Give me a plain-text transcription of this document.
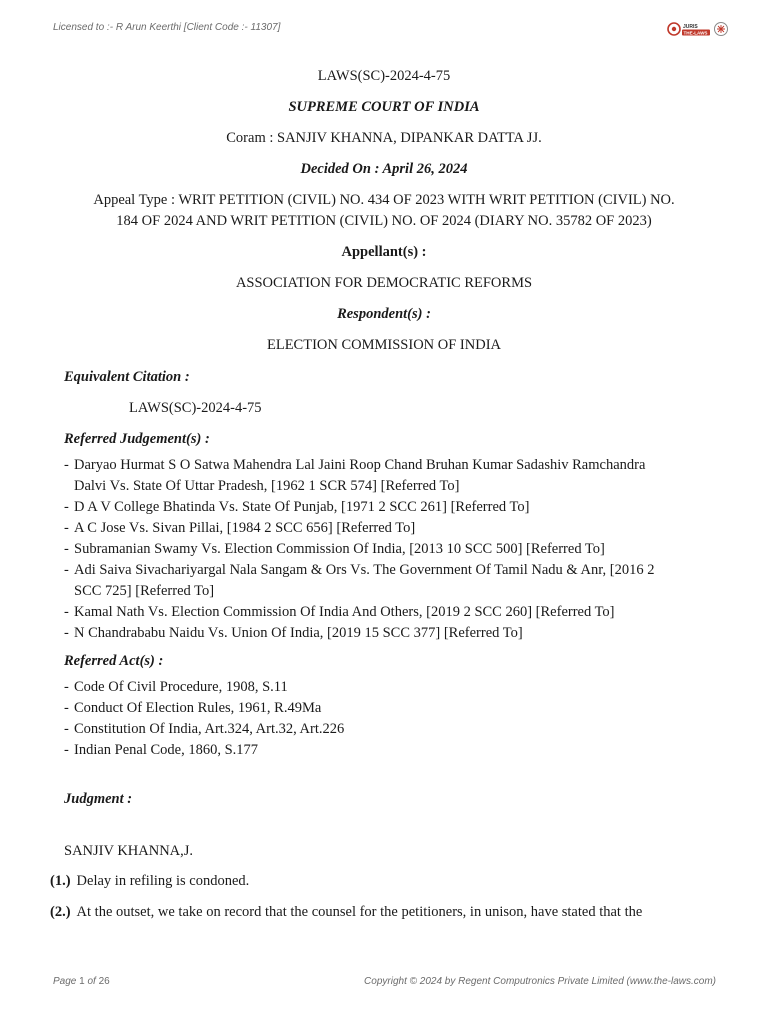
Licensed to :- R Arun Keerthi [Client Code :- 11307]	JURIS
THE-LAWS
LAWS(SC)-2024-4-75
SUPREME COURT OF INDIA
Coram : SANJIV KHANNA, DIPANKAR DATTA JJ.
Decided On : April 26, 2024
Appeal Type : WRIT PETITION (CIVIL) NO. 434 OF 2023 WITH WRIT PETITION (CIVIL) NO.
184 OF 2024 AND WRIT PETITION (CIVIL) NO. OF 2024 (DIARY NO. 35782 OF 2023)
Appellant(s) :
ASSOCIATION FOR DEMOCRATIC REFORMS
Respondent(s) :
ELECTION COMMISSION OF INDIA
Equivalent Citation :
LAWS(SC)-2024-4-75
Referred Judgement(s) :
- Daryao Hurmat S O Satwa Mahendra Lal Jaini Roop Chand Bruhan Kumar Sadashiv Ramchandra
Dalvi Vs. State Of Uttar Pradesh, [1962 1 SCR 574] [Referred To]
- D A V College Bhatinda Vs. State Of Punjab, [1971 2 SCC 261] [Referred To]
- A C Jose Vs. Sivan Pillai, [1984 2 SCC 656] [Referred To]
- Subramanian Swamy Vs. Election Commission Of India, [2013 10 SCC 500] [Referred To]
- Adi Saiva Sivachariyargal Nala Sangam & Ors Vs. The Government Of Tamil Nadu & Anr, [2016 2
SCC 725] [Referred To]
- Kamal Nath Vs. Election Commission Of India And Others, [2019 2 SCC 260] [Referred To]
- N Chandrababu Naidu Vs. Union Of India, [2019 15 SCC 377] [Referred To]
Referred Act(s) :
- Code Of Civil Procedure, 1908, S.11
- Conduct Of Election Rules, 1961, R.49Ma
- Constitution Of India, Art.324, Art.32, Art.226
- Indian Penal Code, 1860, S.177
Judgment :
SANJIV KHANNA,J.
(1.) Delay in refiling is condoned.
(2.) At the outset, we take on record that the counsel for the petitioners, in unison, have stated that the
Page 1 of 26	Copyright © 2024 by Regent Computronics Private Limited (www.the-laws.com)
